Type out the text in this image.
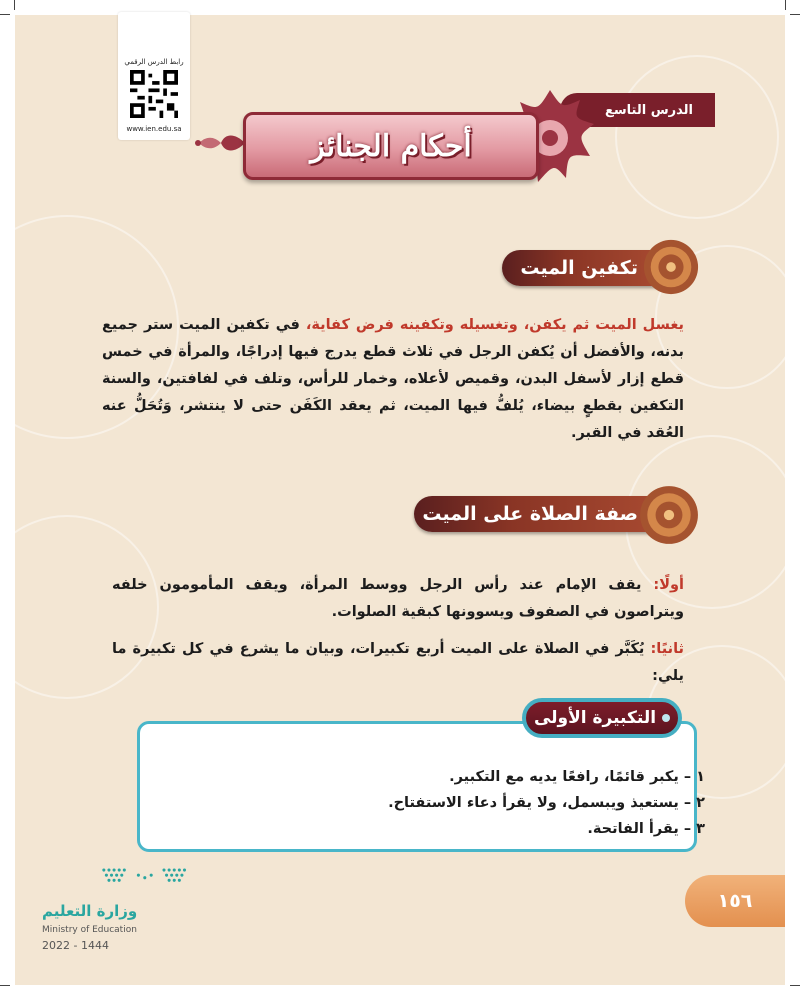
رابط الدرس الرقمي
www.ien.edu.sa
الدرس التاسع
أحكام الجنائز
تكفين الميت
يغسل الميت ثم يكفن، وتغسيله وتكفينه فرض كفاية، في تكفين الميت ستر جميع بدنه، والأفضل أن يُكفن الرجل في ثلاث قطع يدرج فيها إدراجًا، والمرأة في خمس قطع إزار لأسفل البدن، وقميص لأعلاه، وخمار للرأس، وتلف في لفافتين، والسنة التكفين بقطعٍ بيضاء، يُلفُّ فيها الميت، ثم يعقد الكَفَن حتى لا ينتشر، وَتُحَلُّ عنه العُقد في القبر.
صفة الصلاة على الميت
أولًا: يقف الإمام عند رأس الرجل ووسط المرأة، ويقف المأمومون خلفه ويتراصون في الصفوف ويسوونها كبقية الصلوات.
ثانيًا: يُكَبَّر في الصلاة على الميت أربع تكبيرات، وبيان ما يشرع في كل تكبيرة ما يلي:
التكبيرة الأولى
١ – يكبر قائمًا، رافعًا يديه مع التكبير.
٢ – يستعيذ ويبسمل، ولا يقرأ دعاء الاستفتاح.
٣ – يقرأ الفاتحة.
١٥٦
وزارة التعليم
Ministry of Education
2022 - 1444
